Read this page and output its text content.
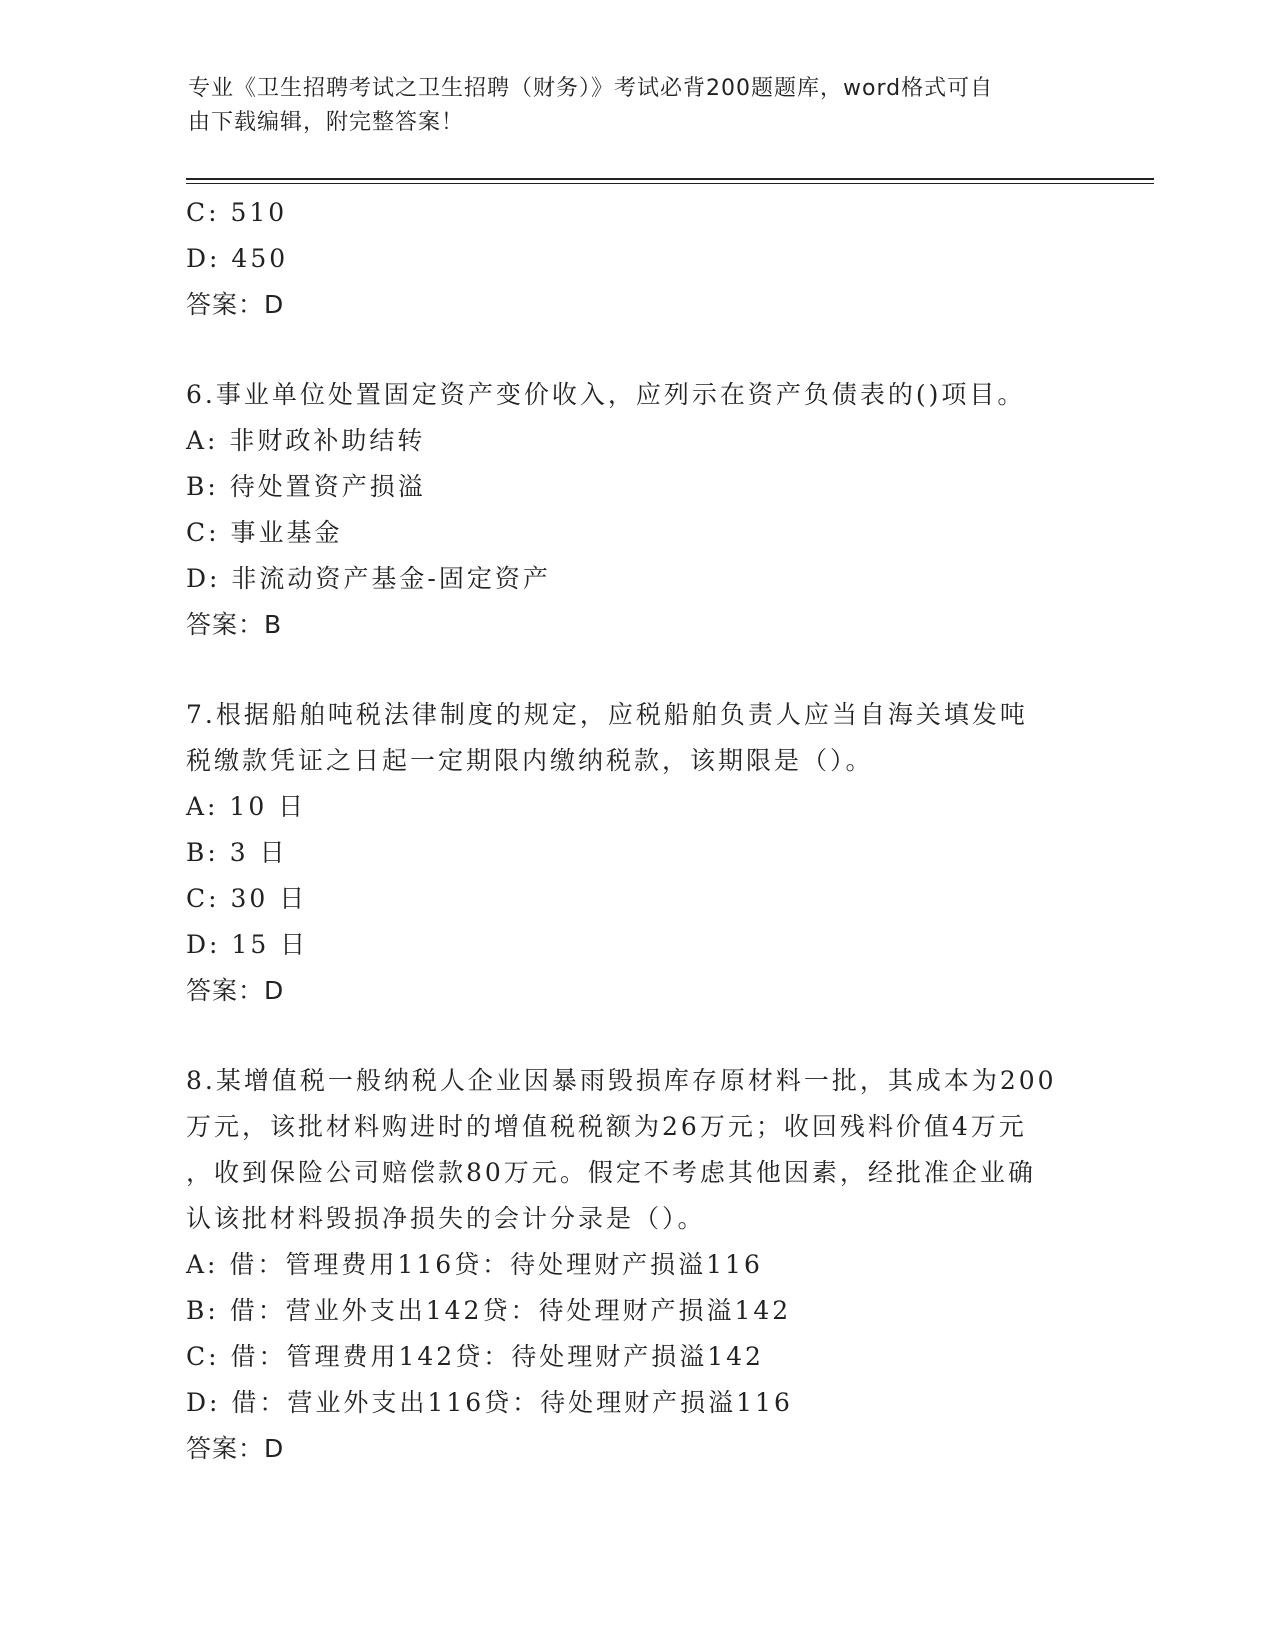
专业《卫生招聘考试之卫生招聘（财务）》考试必背200题题库，word格式可自
由下载编辑，附完整答案！
C: 510
D: 450
答案：D
6.事业单位处置固定资产变价收入，应列示在资产负债表的()项目。
A: 非财政补助结转
B: 待处置资产损溢
C: 事业基金
D: 非流动资产基金-固定资产
答案：B
7.根据船舶吨税法律制度的规定，应税船舶负责人应当自海关填发吨
税缴款凭证之日起一定期限内缴纳税款，该期限是（）。
A: 10 日
B: 3 日
C: 30 日
D: 15 日
答案：D
8.某增值税一般纳税人企业因暴雨毁损库存原材料一批，其成本为200
万元，该批材料购进时的增值税税额为26万元；收回残料价值4万元
，收到保险公司赔偿款80万元。假定不考虑其他因素，经批准企业确
认该批材料毁损净损失的会计分录是（）。
A: 借：管理费用116贷：待处理财产损溢116
B: 借：营业外支出142贷：待处理财产损溢142
C: 借：管理费用142贷：待处理财产损溢142
D: 借：营业外支出116贷：待处理财产损溢116
答案：D
